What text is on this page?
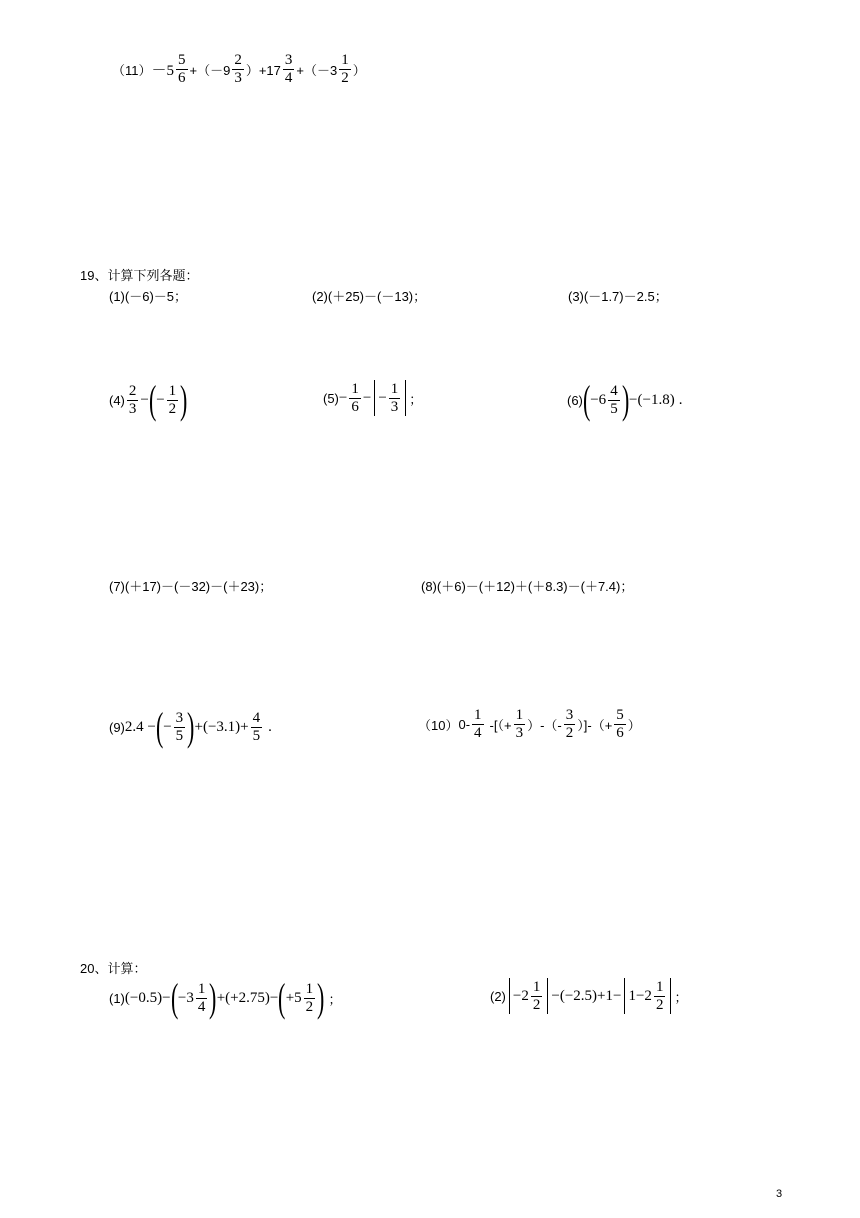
$(11) -5 \frac{5}{6} +(-9 \frac{2}{3} )+17 \frac{3}{4} +(-3 \frac{1}{2}$ ）
19、计算下列各题：
(1)(－6)－5；	(2)(＋25)－(－13)；	(3)(－1.7)－2.5；
$(4) \frac{2}{3}$ − ( − $\frac{1}{2}$ )	$(5) - \frac{1}{6}$ − − $\frac{1}{3}$ ；	(6) ( $-6 \frac{4}{5}$ ) − ( −1.8 ) .
(7)(＋17)－(－32)－(＋23)；	(8)(＋6)－(＋12)＋(＋8.3)－(＋7.4)；
(9) 2.4 − ( − $\frac{3}{5}$ ) + ( −3.1 ) + $\frac{4}{5}$ .	（10） $0- \frac{1}{4}$ -[（+ $\frac{1}{3}$ ）-（- $\frac{3}{2}$ ）]-（+ $\frac{5}{6}$ ）
20、计算：
(1) ( −0.5 ) − ( $-3 \frac{1}{4}$ ) + ( +2.75 ) − ( $+5 \frac{1}{2}$ ) ；	$(2) -2 \frac{1}{2}$ − ( −2.5 ) $+1- 1-2 \frac{1}{2}$ ；
3
